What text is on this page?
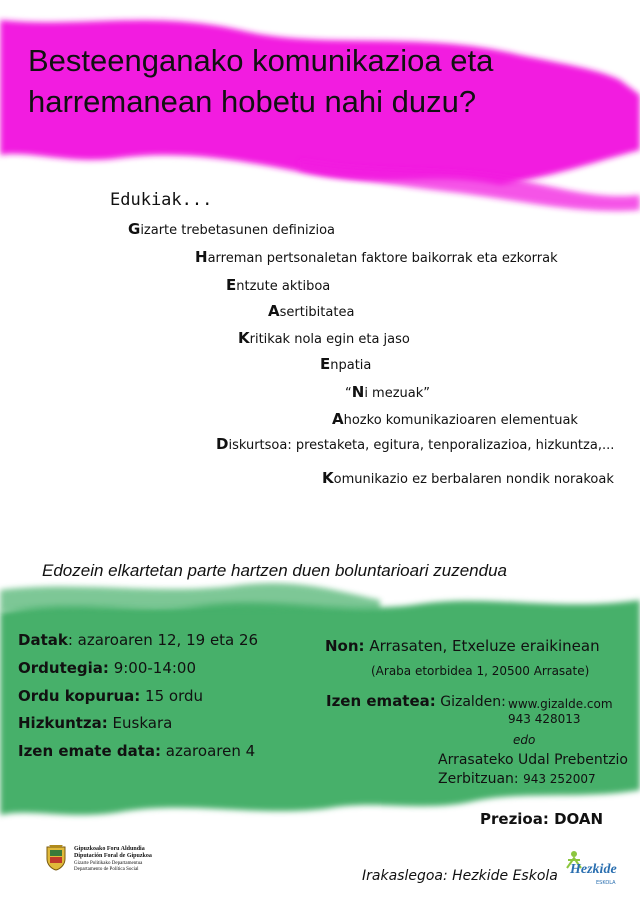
Besteenganako komunikazioa eta
harremanean hobetu nahi duzu?
Edukiak...
Gizarte trebetasunen definizioa
Harreman pertsonaletan faktore baikorrak eta ezkorrak
Entzute aktiboa
Asertibitatea
Kritikak nola egin eta jaso
Enpatia
“Ni mezuak”
Ahozko komunikazioaren elementuak
Diskurtsoa: prestaketa, egitura, tenporalizazioa, hizkuntza,...
Komunikazio ez berbalaren nondik norakoak
Edozein elkartetan parte hartzen duen boluntarioari zuzendua
Datak: azaroaren 12, 19 eta 26
Ordutegia: 9:00-14:00
Ordu kopurua: 15 ordu
Hizkuntza: Euskara
Izen emate data: azaroaren 4
Non: Arrasaten, Etxeluze eraikinean
(Araba etorbidea 1, 20500 Arrasate)
Izen ematea: Gizalden: www.gizalde.com
943 428013
edo
Arrasateko Udal Prebentzio
Zerbitzuan: 943 252007
Prezioa: DOAN
Gipuzkoako Foru Aldundia
Diputación Foral de Gipuzkoa
Gizarte Politikako Departamentua
Departamento de Política Social	Irakaslegoa: Hezkide Eskola Hezkide
ESKOLA
